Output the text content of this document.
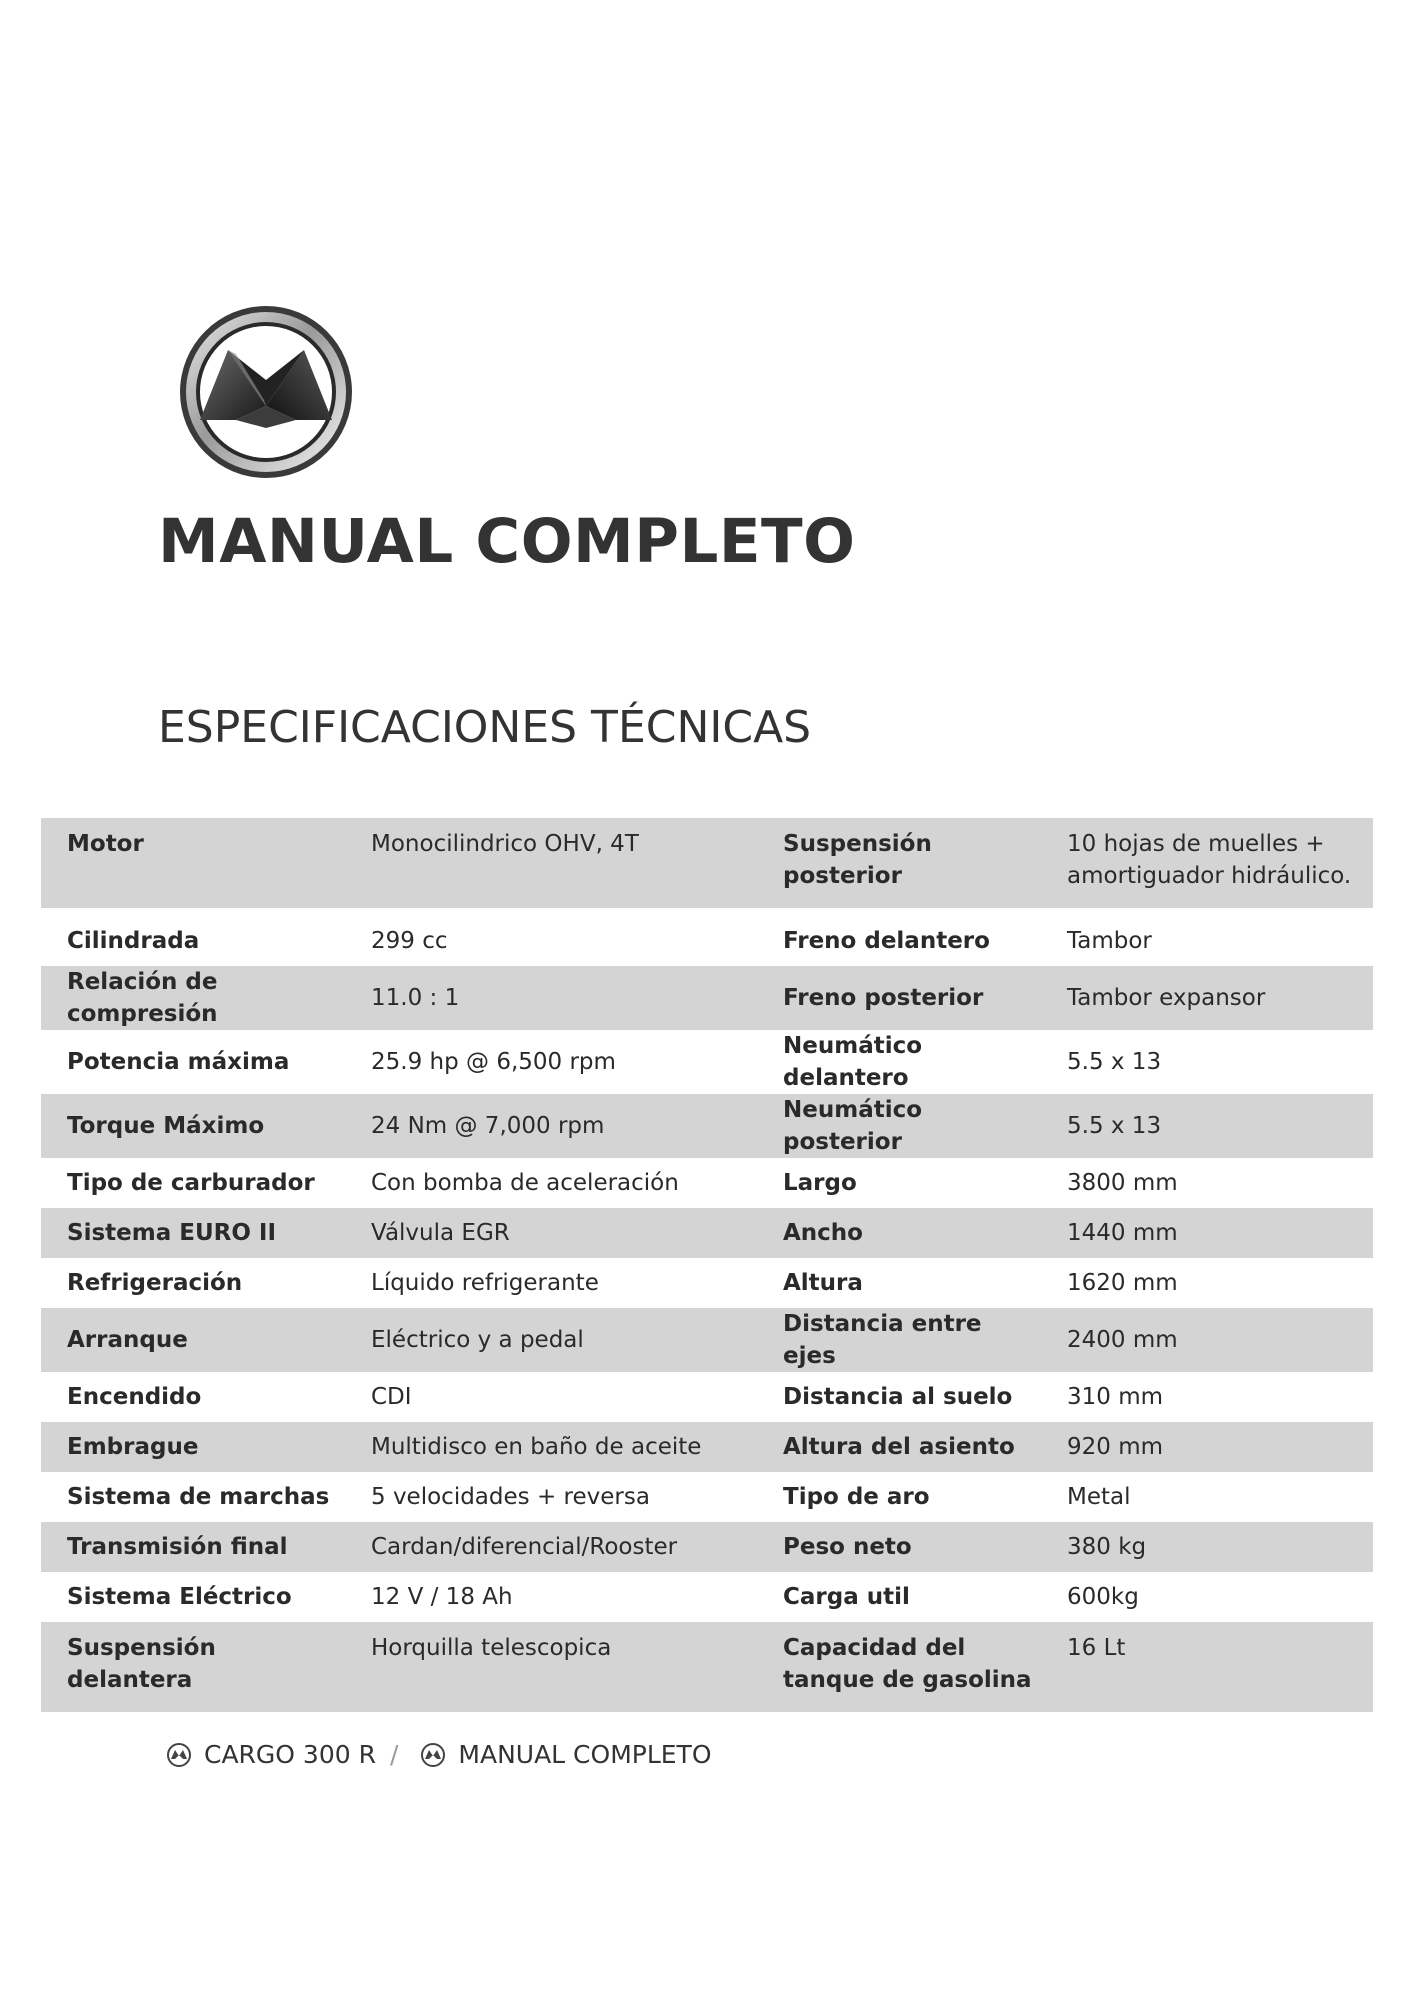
MANUAL COMPLETO
ESPECIFICACIONES TÉCNICAS
Motor	Monocilindrico OHV, 4T	Suspensión posterior	10 hojas de muelles + amortiguador hidráulico.
Cilindrada	299 cc	Freno delantero	Tambor
Relación de compresión	11.0 : 1	Freno posterior	Tambor expansor
Potencia máxima	25.9 hp @ 6,500 rpm	Neumático delantero	5.5 x 13
Torque Máximo	24 Nm @ 7,000 rpm	Neumático posterior	5.5 x 13
Tipo de carburador	Con bomba de aceleración	Largo	3800 mm
Sistema EURO II	Válvula EGR	Ancho	1440 mm
Refrigeración	Líquido refrigerante	Altura	1620 mm
Arranque	Eléctrico y a pedal	Distancia entre ejes	2400 mm
Encendido	CDI	Distancia al suelo	310 mm
Embrague	Multidisco en baño de aceite	Altura del asiento	920 mm
Sistema de marchas	5 velocidades + reversa	Tipo de aro	Metal
Transmisión final	Cardan/diferencial/Rooster	Peso neto	380 kg
Sistema Eléctrico	12 V / 18 Ah	Carga util	600kg
Suspensión delantera	Horquilla telescopica	Capacidad del tanque de gasolina	16 Lt
CARGO 300 R / MANUAL COMPLETO
